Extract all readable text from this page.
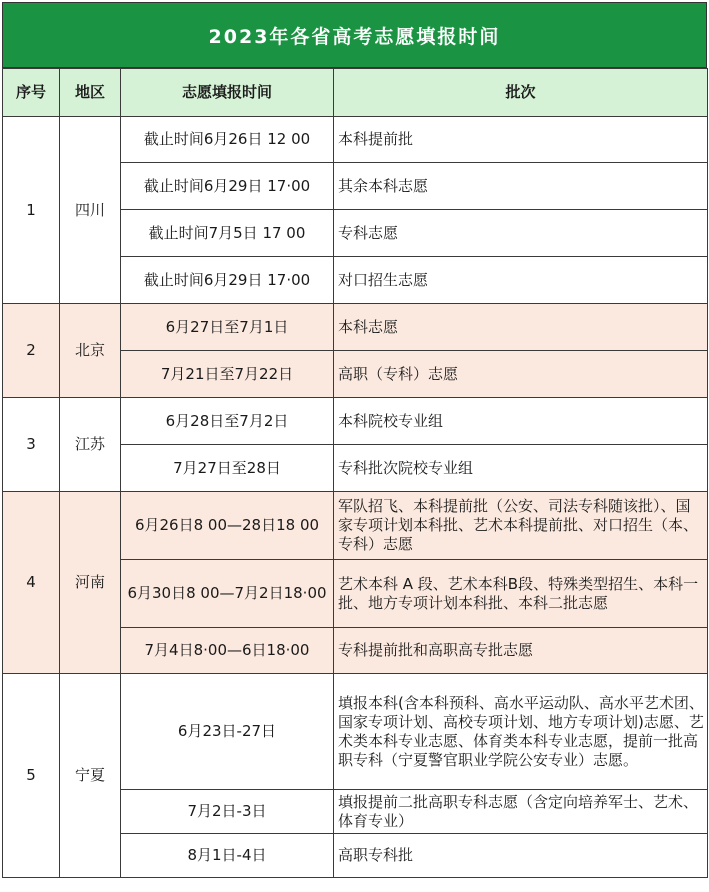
2023年各省高考志愿填报时间
序号	地区	志愿填报时间	批次
1	四川	截止时间6月26日 12 00	本科提前批
		截止时间6月29日 17·00	其余本科志愿
		截止时间7月5日 17 00	专科志愿
		截止时间6月29日 17·00	对口招生志愿
2	北京	6月27日至7月1日	本科志愿
		7月21日至7月22日	高职（专科）志愿
3	江苏	6月28日至7月2日	本科院校专业组
		7月27日至28日	专科批次院校专业组
4	河南	6月26日8 00—28日18 00	军队招飞、本科提前批（公安、司法专科随该批）、国家专项计划本科批、艺术本科提前批、对口招生（本、专科）志愿
		6月30日8 00—7月2日18·00	艺术本科 A 段、艺术本科B段、特殊类型招生、本科一批、地方专项计划本科批、本科二批志愿
		7月4日8·00—6日18·00	专科提前批和高职高专批志愿
5	宁夏	6月23日-27日	填报本科(含本科预科、高水平运动队、高水平艺术团、国家专项计划、高校专项计划、地方专项计划)志愿、艺术类本科专业志愿、体育类本科专业志愿，提前一批高职专科（宁夏警官职业学院公安专业）志愿。
		7月2日-3日	填报提前二批高职专科志愿（含定向培养军士、艺术、体育专业）
		8月1日-4日	高职专科批
